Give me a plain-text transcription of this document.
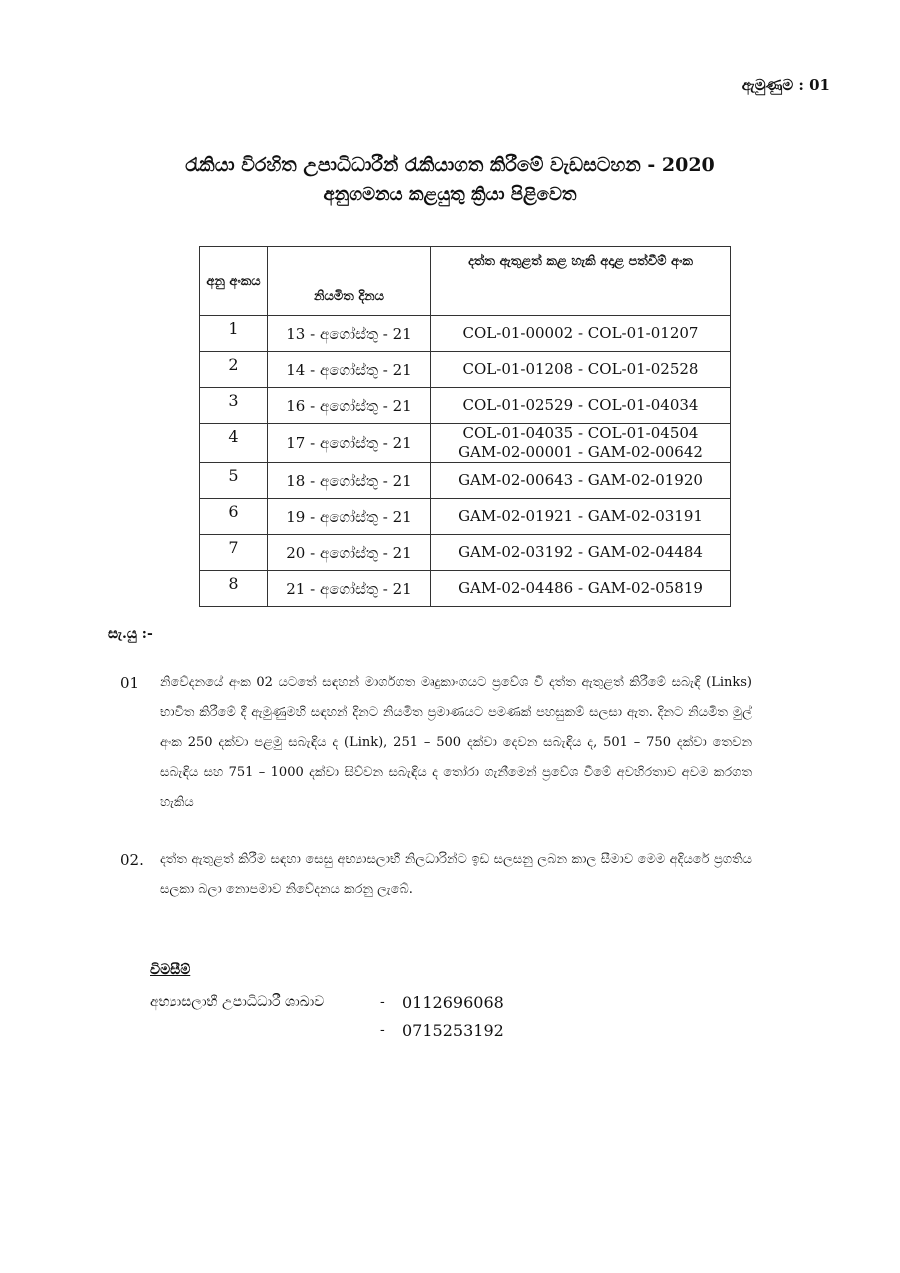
ඇමුණුම : 01
රැකියා විරහිත උපාධිධාරීන් රැකියාගත කිරීමේ වැඩසටහන - 2020
අනුගමනය කළයුතු ක්‍රියා පිළිවෙත
අනු අංකය	නියමිත දිනය	දත්ත ඇතුළත් කළ හැකි අදාළ පත්වීම් අංක
1	13 - අගෝස්තු - 21	COL-01-00002 - COL-01-01207

2	14 - අගෝස්තු - 21	COL-01-01208 - COL-01-02528

3	16 - අගෝස්තු - 21	COL-01-02529 - COL-01-04034

4	17 - අගෝස්තු - 21	COL-01-04035 - COL-01-04504
GAM-02-00001 - GAM-02-00642

5	18 - අගෝස්තු - 21	GAM-02-00643 - GAM-02-01920

6	19 - අගෝස්තු - 21	GAM-02-01921 - GAM-02-03191

7	20 - අගෝස්තු - 21	GAM-02-03192 - GAM-02-04484

8	21 - අගෝස්තු - 21	GAM-02-04486 - GAM-02-05819
සැ.යු :-
01 නිවේදනයේ අංක 02 යටතේ සඳහන් මාර්ගගත මෘදුකාංගයට ප්‍රවේශ වී දත්ත ඇතුළත් කිරීමේ සබැඳි (Links) භාවිත කිරීමේ දී ඇමුණුමහි සඳහන් දිනට නියමිත ප්‍රමාණයට පමණක් පහසුකම් සලසා ඇත. දිනට නියමිත මුල් අංක 250 දක්වා පළමු සබැඳිය ද (Link), 251 – 500 දක්වා දෙවන සබැඳිය ද, 501 – 750 දක්වා තෙවන සබැඳිය සහ 751 – 1000 දක්වා සිව්වන සබැඳිය ද තෝරා ගැනීමෙන් ප්‍රවේශ වීමේ අවහිරතාව අවම කරගත හැකිය
02. දත්ත ඇතුළත් කිරීම සඳහා සෙසු අභ්‍යාසලාභී නිලධාරින්ට ඉඩ සලසනු ලබන කාල සීමාව මෙම අදියරේ ප්‍රගතිය සලකා බලා නොපමාව නිවේදනය කරනු ලැබේ.
විමසීම්
අභ්‍යාසලාභී උපාධිධාරී ශාඛාව	-	0112696068
-	0715253192
